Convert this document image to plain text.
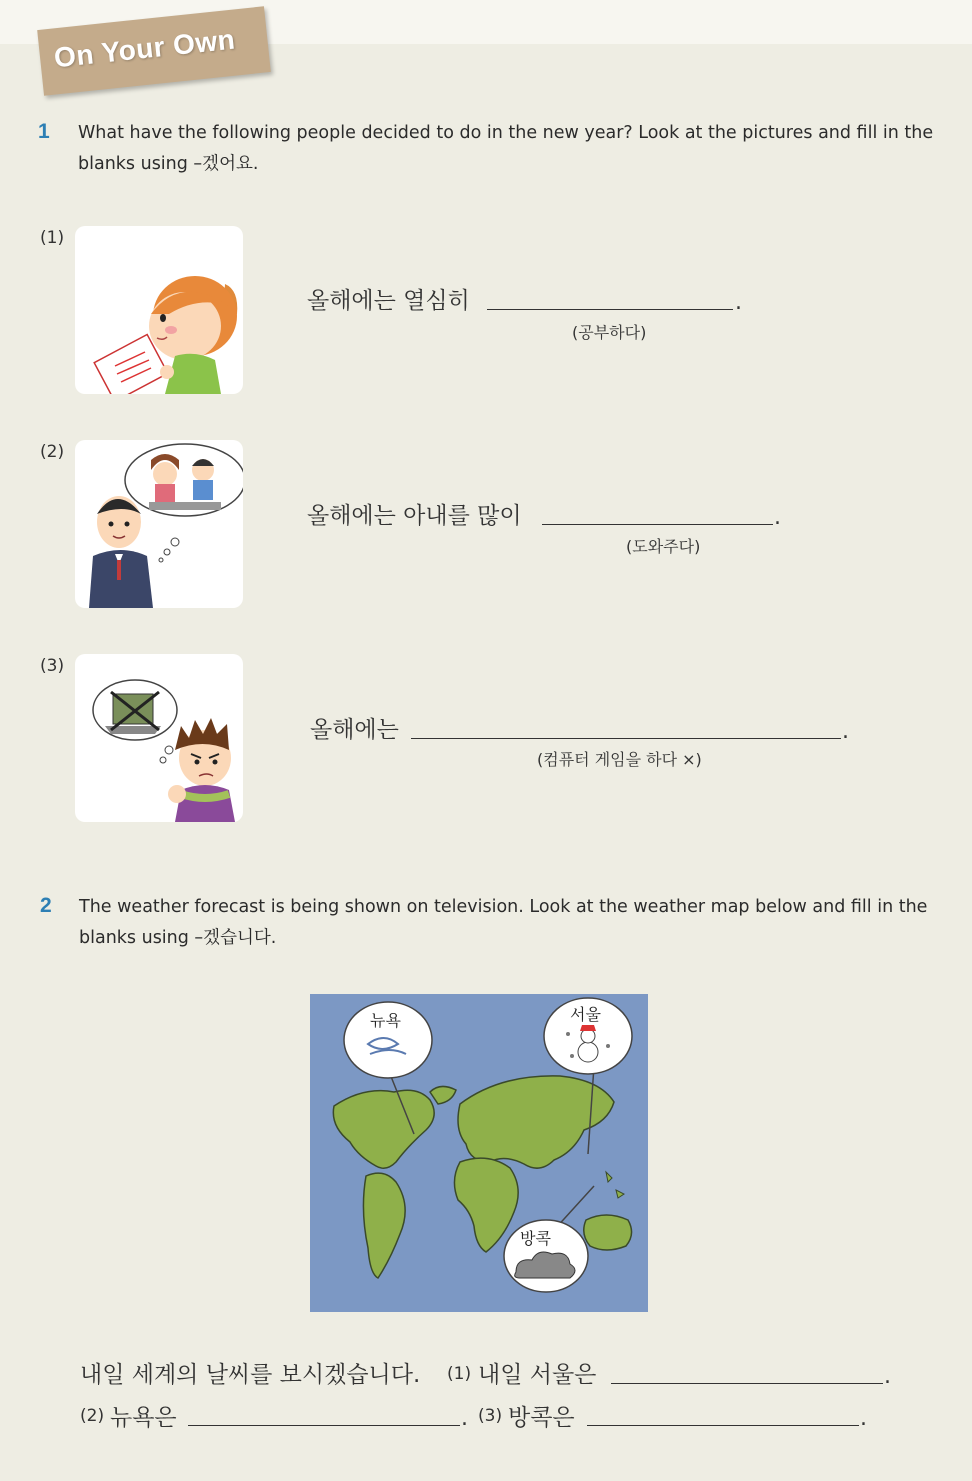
On Your Own
1 What have the following people decided to do in the new year? Look at the pictures and fill in the
blanks using –겠어요.
(1)
올해에는 열심히	.
(공부하다)
(2)
올해에는 아내를 많이	.
(도와주다)
(3)
올해에는	.
(컴퓨터 게임을 하다 ×)
2 The weather forecast is being shown on television. Look at the weather map below and fill in the
blanks using –겠습니다.
뉴욕	서울
방콕
내일 세계의 날씨를 보시겠습니다. (1) 내일 서울은	.
(2) 뉴욕은	. (3) 방콕은	.
